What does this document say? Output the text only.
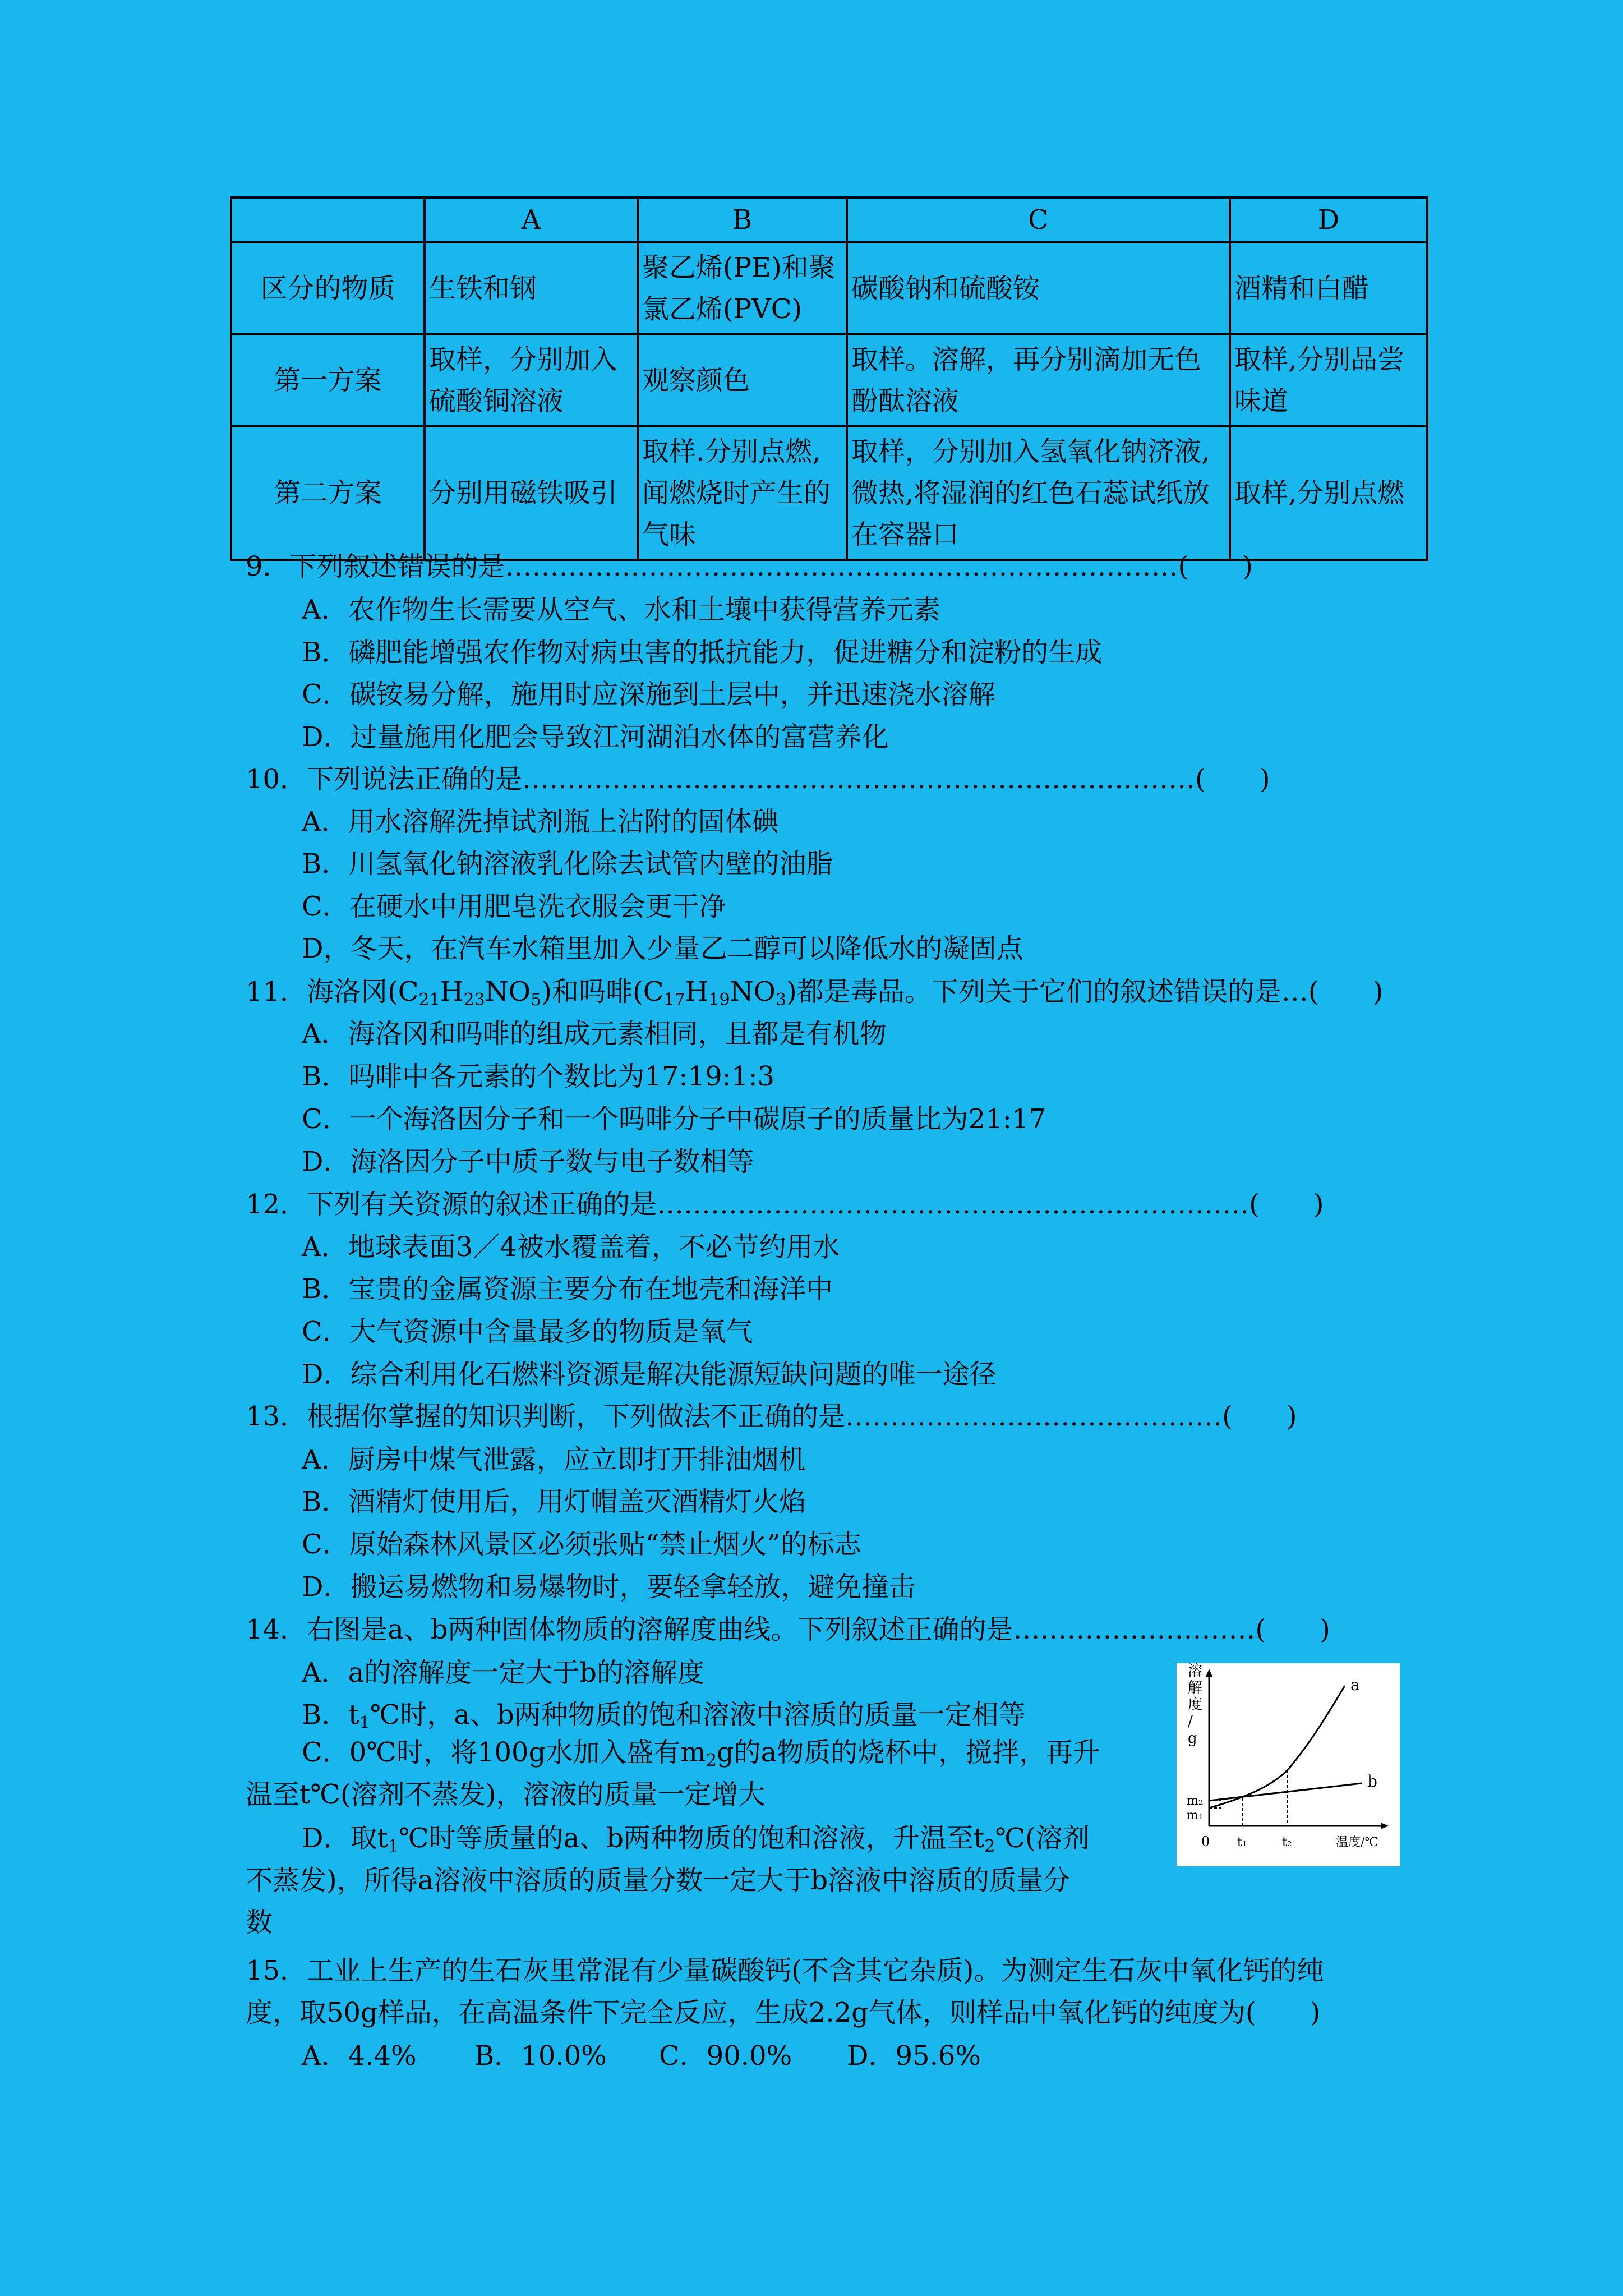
	A	B	C	D
区分的物质	生铁和钢	聚乙烯(PE)和聚氯乙烯(PVC)	碳酸钠和硫酸铵	酒精和白醋
第一方案	取样，分别加入硫酸铜溶液	观察颜色	取样。溶解，再分别滴加无色酚酞溶液	取样,分别品尝味道
第二方案	分别用磁铁吸引	取样.分别点燃,闻燃烧时产生的气味	取样，分别加入氢氧化钠济液,微热,将湿润的红色石蕊试纸放在容器口	取样,分别点燃
9．下列叙述错误的是…………………………………………………………………(　　)
A．农作物生长需要从空气、水和土壤中获得营养元素
B．磷肥能增强农作物对病虫害的抵抗能力，促进糖分和淀粉的生成
C．碳铵易分解，施用时应深施到土层中，并迅速浇水溶解
D．过量施用化肥会导致江河湖泊水体的富营养化
10．下列说法正确的是…………………………………………………………………(　　)
A．用水溶解洗掉试剂瓶上沾附的固体碘
B．川氢氧化钠溶液乳化除去试管内壁的油脂
C．在硬水中用肥皂洗衣服会更干净
D，冬天，在汽车水箱里加入少量乙二醇可以降低水的凝固点
11．海洛冈$(C_{21}H_{23}NO_5)$和吗啡$(C_{17}H_{19}NO_3)$都是毒品。下列关于它们的叙述错误的是…(　　)
A．海洛冈和吗啡的组成元素相同，且都是有机物
B．吗啡中各元素的个数比为17:19:1:3
C．一个海洛因分子和一个吗啡分子中碳原子的质量比为21:17
D．海洛因分子中质子数与电子数相等
12．下列有关资源的叙述正确的是…………………………………………………………(　　)
A．地球表面3／4被水覆盖着，不必节约用水
B．宝贵的金属资源主要分布在地壳和海洋中
C．大气资源中含量最多的物质是氧气
D．综合利用化石燃料资源是解决能源短缺问题的唯一途径
13．根据你掌握的知识判断，下列做法不正确的是……………………………………(　　)
A．厨房中煤气泄露，应立即打开排油烟机
B．酒精灯使用后，用灯帽盖灭酒精灯火焰
C．原始森林风景区必须张贴“禁止烟火”的标志
D．搬运易燃物和易爆物时，要轻拿轻放，避免撞击
14．右图是a、b两种固体物质的溶解度曲线。下列叙述正确的是………………………(　　)
A．a的溶解度一定大于b的溶解度
B．$t_1℃$时，a、b两种物质的饱和溶液中溶质的质量一定相等
C．0℃时，将100g水加入盛有$m_2g$的a物质的烧杯中，搅拌，再升
温至t℃(溶剂不蒸发)，溶液的质量一定增大
D．取$t_1℃$时等质量的a、b两种物质的饱和溶液，升温至$t_2℃$(溶剂
不蒸发)，所得a溶液中溶质的质量分数一定大于b溶液中溶质的质量分
数
溶解度/ g
温度/℃
0
a
b
m₂
m₁
t₁	t₂
15．工业上生产的生石灰里常混有少量碳酸钙(不含其它杂质)。为测定生石灰中氧化钙的纯
度，取50g样品，在高温条件下完全反应，生成2.2g气体，则样品中氧化钙的纯度为(　　)
A．4.4% B．10.0% C．90.0% D．95.6%
